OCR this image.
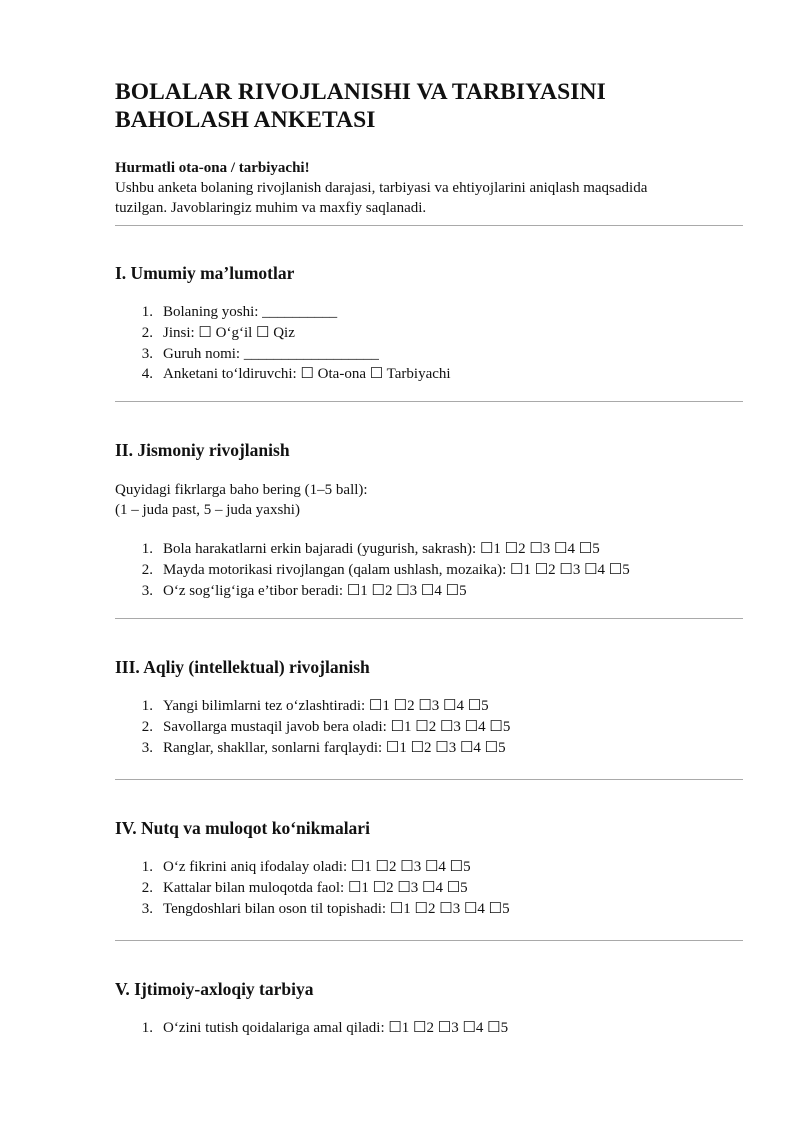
BOLALAR RIVOJLANISHI VA TARBIYASINI
BAHOLASH ANKETASI

Hurmatli ota-ona / tarbiyachi!

Ushbu anketa bolaning rivojlanish darajasi, tarbiyasi va ehtiyojlarini aniqlash maqsadida

tuzilgan. Javoblaringiz muhim va maxfiy saqlanadi.

I. Umumiy ma’lumotlar
1. Bolaning yoshi: __________
2. Jinsi: ☐ O‘g‘il ☐ Qiz
3. Guruh nomi: __________________
4. Anketani to‘ldiruvchi: ☐ Ota-ona ☐ Tarbiyachi
II. Jismoniy rivojlanish

Quyidagi fikrlarga baho bering (1–5 ball):

(1 – juda past, 5 – juda yaxshi)

1. Bola harakatlarni erkin bajaradi (yugurish, sakrash): ☐1 ☐2 ☐3 ☐4 ☐5
2. Mayda motorikasi rivojlangan (qalam ushlash, mozaika): ☐1 ☐2 ☐3 ☐4 ☐5
3. O‘z sog‘lig‘iga e’tibor beradi: ☐1 ☐2 ☐3 ☐4 ☐5
III. Aqliy (intellektual) rivojlanish
1. Yangi bilimlarni tez o‘zlashtiradi: ☐1 ☐2 ☐3 ☐4 ☐5
2. Savollarga mustaqil javob bera oladi: ☐1 ☐2 ☐3 ☐4 ☐5
3. Ranglar, shakllar, sonlarni farqlaydi: ☐1 ☐2 ☐3 ☐4 ☐5
IV. Nutq va muloqot ko‘nikmalari
1. O‘z fikrini aniq ifodalay oladi: ☐1 ☐2 ☐3 ☐4 ☐5
2. Kattalar bilan muloqotda faol: ☐1 ☐2 ☐3 ☐4 ☐5
3. Tengdoshlari bilan oson til topishadi: ☐1 ☐2 ☐3 ☐4 ☐5
V. Ijtimoiy-axloqiy tarbiya
1. O‘zini tutish qoidalariga amal qiladi: ☐1 ☐2 ☐3 ☐4 ☐5
